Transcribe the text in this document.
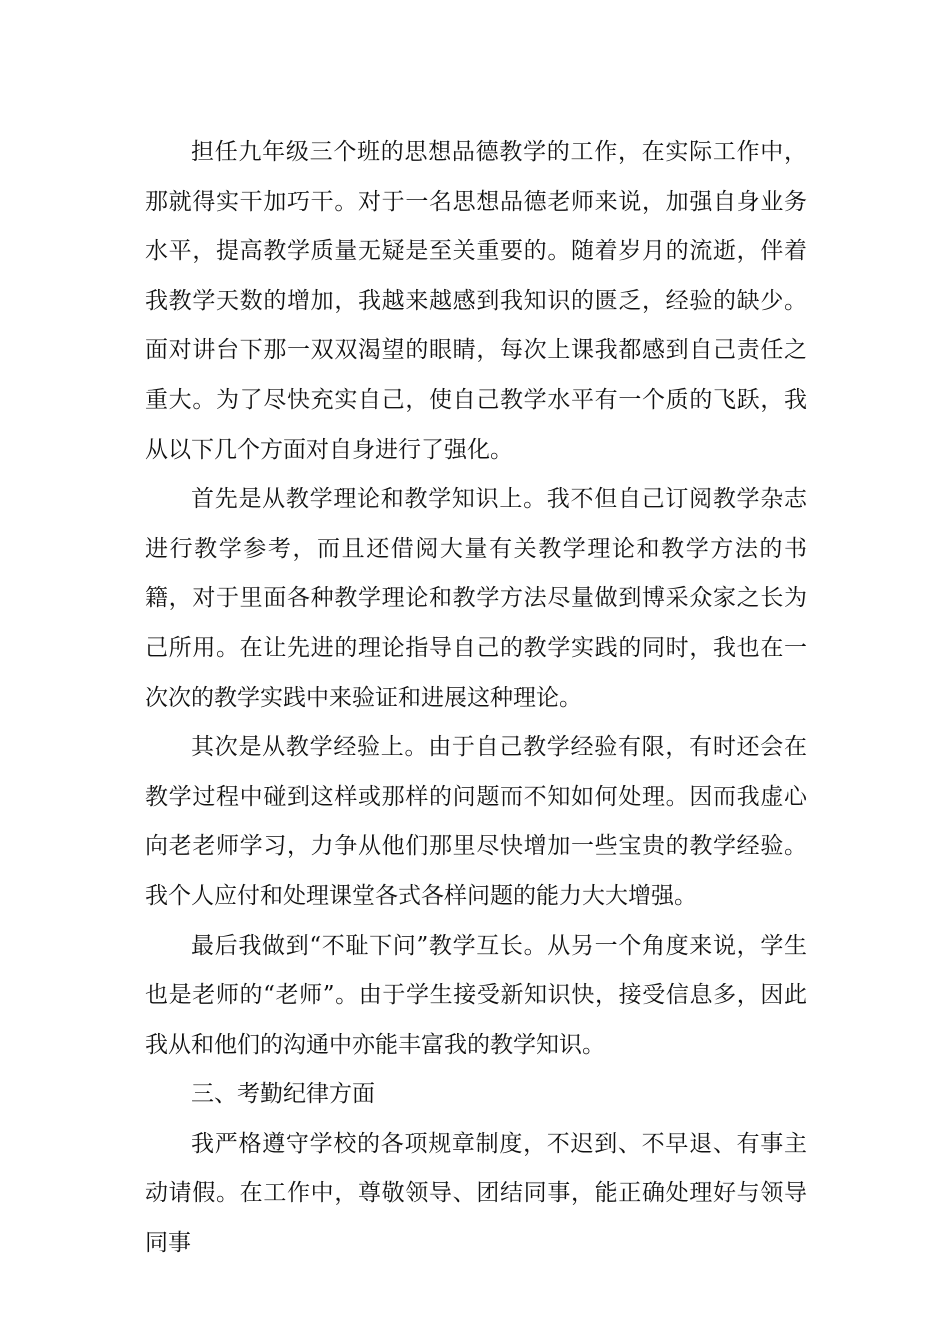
担任九年级三个班的思想品德教学的工作，在实际工作中，那就得实干加巧干。对于一名思想品德老师来说，加强自身业务水平，提高教学质量无疑是至关重要的。随着岁月的流逝，伴着我教学天数的增加，我越来越感到我知识的匮乏，经验的缺少。面对讲台下那一双双渴望的眼睛，每次上课我都感到自己责任之重大。为了尽快充实自己，使自己教学水平有一个质的飞跃，我从以下几个方面对自身进行了强化。

首先是从教学理论和教学知识上。我不但自己订阅教学杂志进行教学参考，而且还借阅大量有关教学理论和教学方法的书籍，对于里面各种教学理论和教学方法尽量做到博采众家之长为己所用。在让先进的理论指导自己的教学实践的同时，我也在一次次的教学实践中来验证和进展这种理论。

其次是从教学经验上。由于自己教学经验有限，有时还会在教学过程中碰到这样或那样的问题而不知如何处理。因而我虚心向老老师学习，力争从他们那里尽快增加一些宝贵的教学经验。我个人应付和处理课堂各式各样问题的能力大大增强。

最后我做到“不耻下问”教学互长。从另一个角度来说，学生也是老师的“老师”。由于学生接受新知识快，接受信息多，因此我从和他们的沟通中亦能丰富我的教学知识。

三、考勤纪律方面

我严格遵守学校的各项规章制度，不迟到、不早退、有事主动请假。在工作中，尊敬领导、团结同事，能正确处理好与领导同事
